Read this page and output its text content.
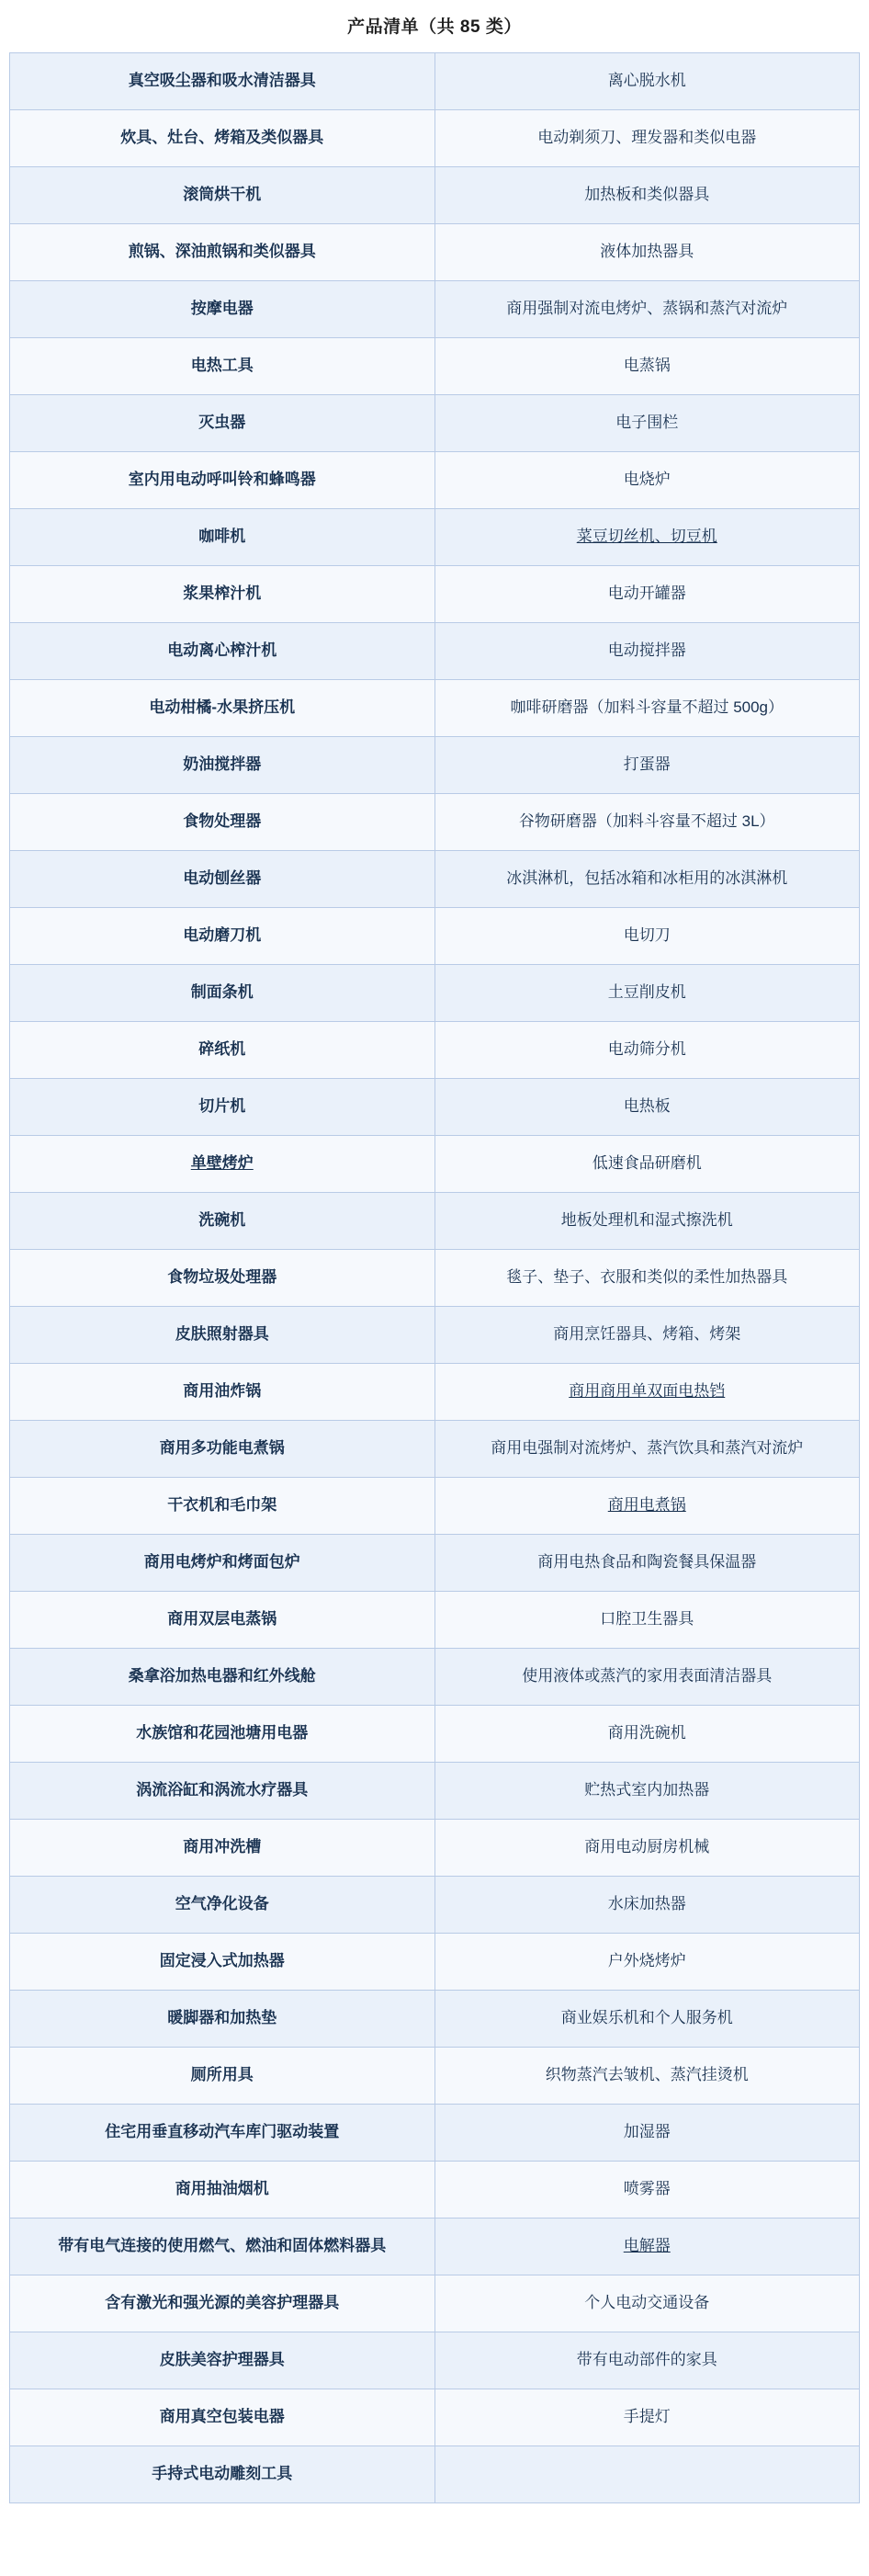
产品清单（共 85 类）
真空吸尘器和吸水清洁器具	离心脱水机
炊具、灶台、烤箱及类似器具	电动剃须刀、理发器和类似电器
滚筒烘干机	加热板和类似器具
煎锅、深油煎锅和类似器具	液体加热器具
按摩电器	商用强制对流电烤炉、蒸锅和蒸汽对流炉
电热工具	电蒸锅
灭虫器	电子围栏
室内用电动呼叫铃和蜂鸣器	电烧炉
咖啡机	菜豆切丝机、切豆机
浆果榨汁机	电动开罐器
电动离心榨汁机	电动搅拌器
电动柑橘-水果挤压机	咖啡研磨器（加料斗容量不超过 500g）
奶油搅拌器	打蛋器
食物处理器	谷物研磨器（加料斗容量不超过 3L）
电动刨丝器	冰淇淋机，包括冰箱和冰柜用的冰淇淋机
电动磨刀机	电切刀
制面条机	土豆削皮机
碎纸机	电动筛分机
切片机	电热板
单壁烤炉	低速食品研磨机
洗碗机	地板处理机和湿式擦洗机
食物垃圾处理器	毯子、垫子、衣服和类似的柔性加热器具
皮肤照射器具	商用烹饪器具、烤箱、烤架
商用油炸锅	商用商用单双面电热铛
商用多功能电煮锅	商用电强制对流烤炉、蒸汽饮具和蒸汽对流炉
干衣机和毛巾架	商用电煮锅
商用电烤炉和烤面包炉	商用电热食品和陶瓷餐具保温器
商用双层电蒸锅	口腔卫生器具
桑拿浴加热电器和红外线舱	使用液体或蒸汽的家用表面清洁器具
水族馆和花园池塘用电器	商用洗碗机
涡流浴缸和涡流水疗器具	贮热式室内加热器
商用冲洗槽	商用电动厨房机械
空气净化设备	水床加热器
固定浸入式加热器	户外烧烤炉
暖脚器和加热垫	商业娱乐机和个人服务机
厕所用具	织物蒸汽去皱机、蒸汽挂烫机
住宅用垂直移动汽车库门驱动装置	加湿器
商用抽油烟机	喷雾器
带有电气连接的使用燃气、燃油和固体燃料器具	电解器
含有激光和强光源的美容护理器具	个人电动交通设备
皮肤美容护理器具	带有电动部件的家具
商用真空包装电器	手提灯
手持式电动雕刻工具	
